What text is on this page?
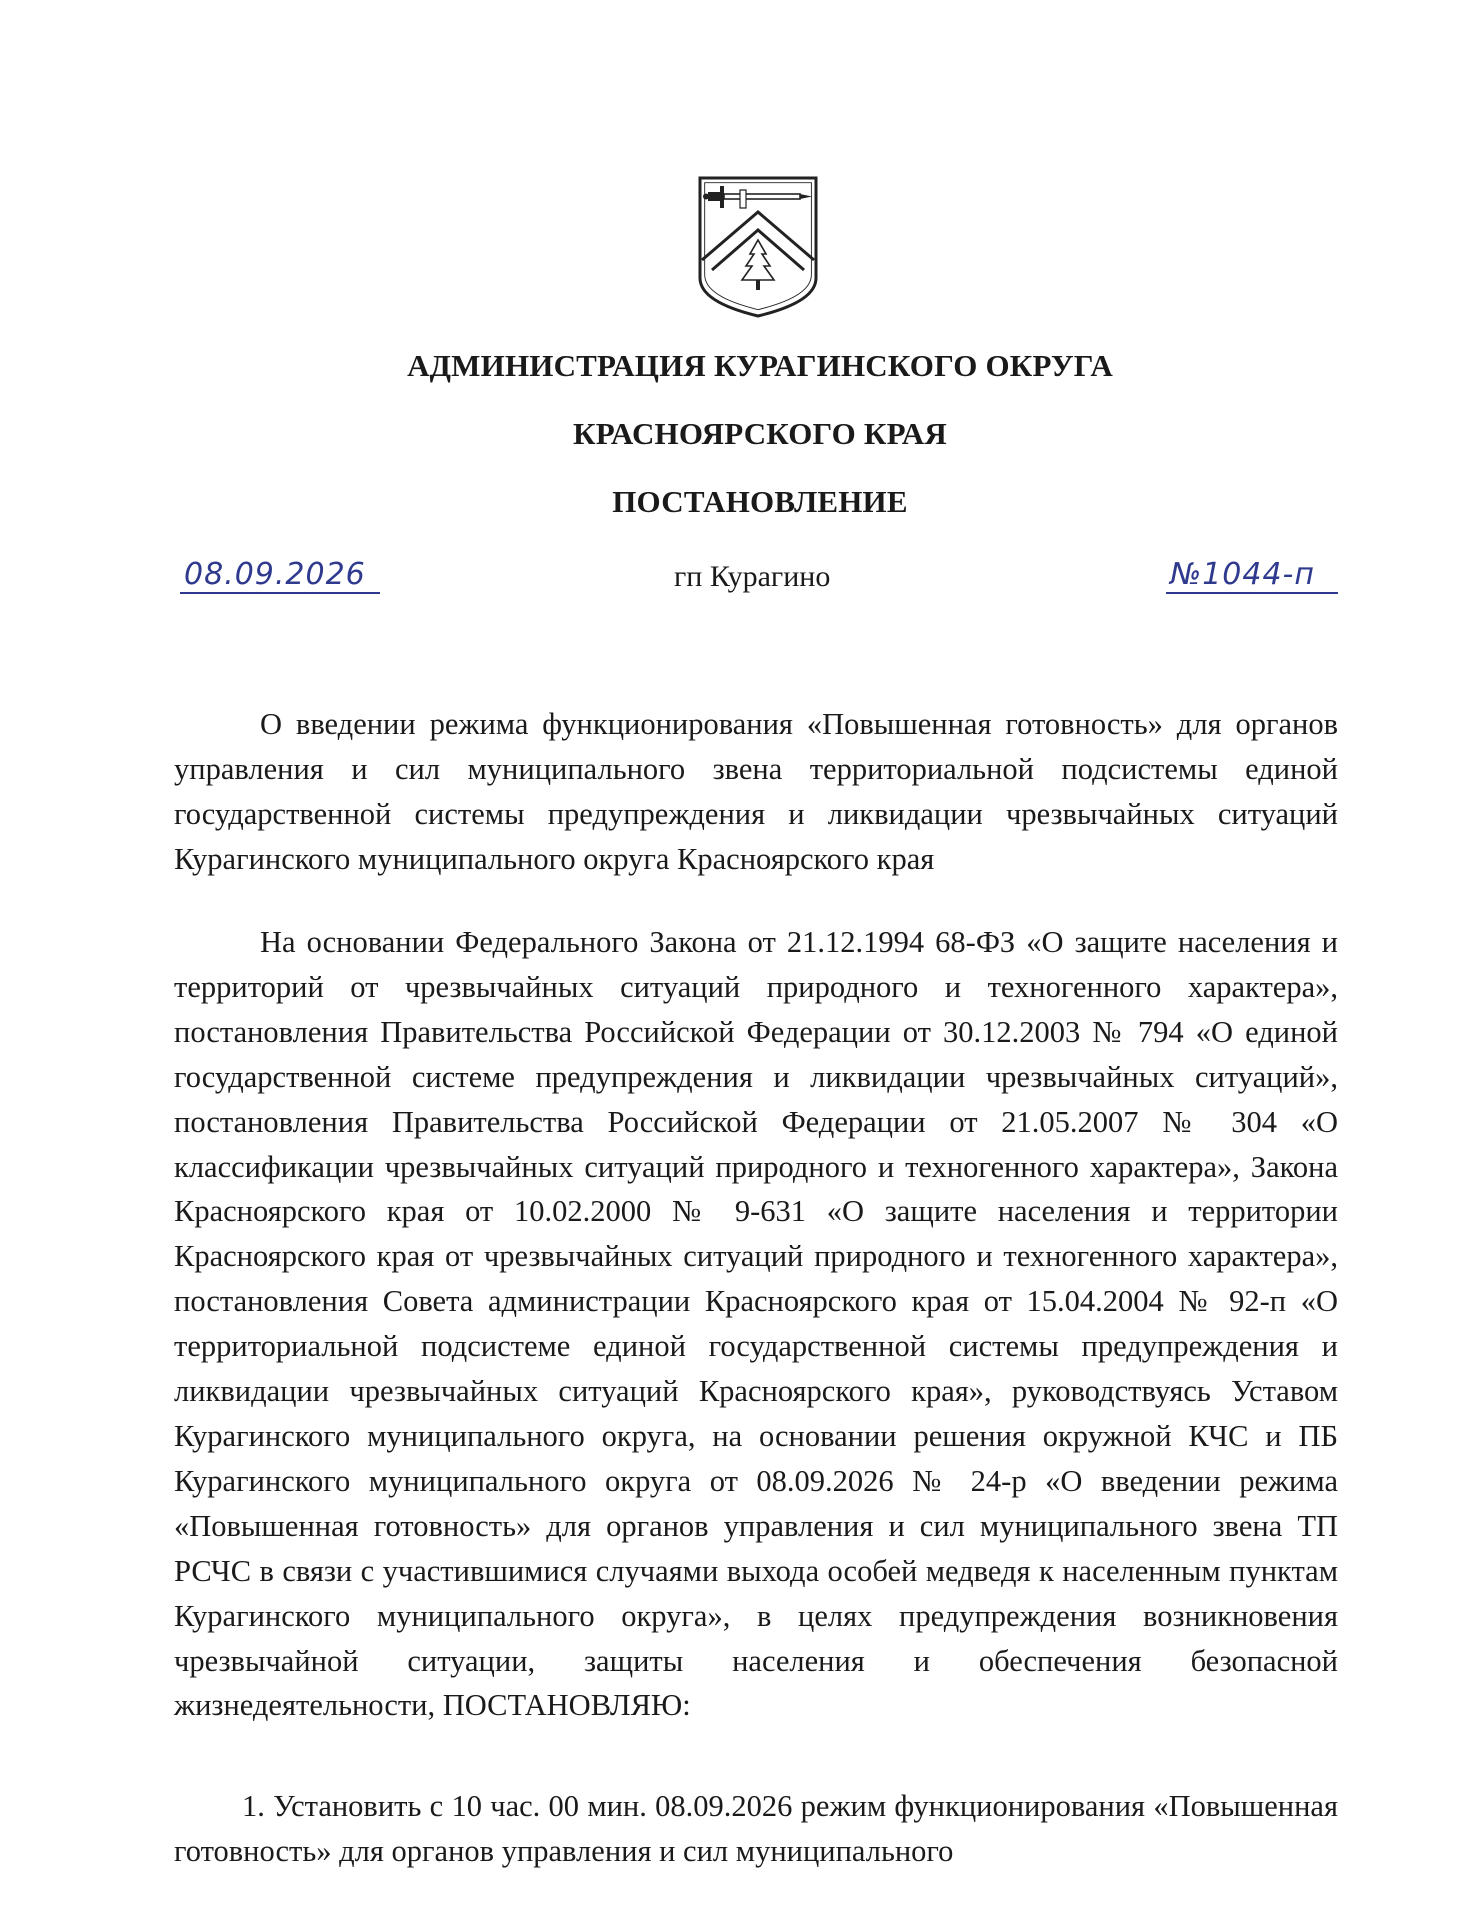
АДМИНИСТРАЦИЯ КУРАГИНСКОГО ОКРУГА
КРАСНОЯРСКОГО КРАЯ
ПОСТАНОВЛЕНИЕ
08.09.2026	гп Курагино	№1044-п
О введении режима функционирования «Повышенная готовность» для органов управления и сил муниципального звена территориальной подсистемы единой государственной системы предупреждения и ликвидации чрезвычайных ситуаций Курагинского муниципального округа Красноярского края
На основании Федерального Закона от 21.12.1994 68-ФЗ «О защите населения и территорий от чрезвычайных ситуаций природного и техногенного характера», постановления Правительства Российской Федерации от 30.12.2003 № 794 «О единой государственной системе предупреждения и ликвидации чрезвычайных ситуаций», постановления Правительства Российской Федерации от 21.05.2007 № 304 «О классификации чрезвычайных ситуаций природного и техногенного характера», Закона Красноярского края от 10.02.2000 № 9-631 «О защите населения и территории Красноярского края от чрезвычайных ситуаций природного и техногенного характера», постановления Совета администрации Красноярского края от 15.04.2004 № 92-п «О территориальной подсистеме единой государственной системы предупреждения и ликвидации чрезвычайных ситуаций Красноярского края», руководствуясь Уставом Курагинского муниципального округа, на основании решения окружной КЧС и ПБ Курагинского муниципального округа от 08.09.2026 № 24-р «О введении режима «Повышенная готовность» для органов управления и сил муниципального звена ТП РСЧС в связи с участившимися случаями выхода особей медведя к населенным пунктам Курагинского муниципального округа», в целях предупреждения возникновения чрезвычайной ситуации, защиты населения и обеспечения безопасной жизнедеятельности, ПОСТАНОВЛЯЮ:
1. Установить с 10 час. 00 мин. 08.09.2026 режим функционирования «Повышенная готовность» для органов управления и сил муниципального
